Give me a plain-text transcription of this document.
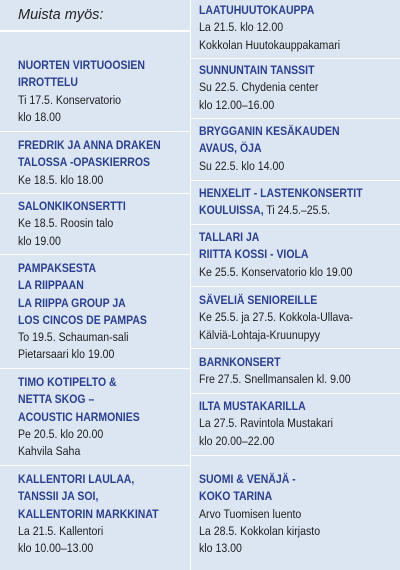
Muista myös:
NUORTEN VIRTUOOSIEN
IRROTTELU
Ti 17.5. Konservatorio
klo 18.00
FREDRIK JA ANNA DRAKEN
TALOSSA -OPASKIERROS
Ke 18.5. klo 18.00
SALONKIKONSERTTI
Ke 18.5. Roosin talo
klo 19.00
PAMPAKSESTA
LA RIIPPAAN
LA RIIPPA GROUP JA
LOS CINCOS DE PAMPAS
To 19.5. Schauman-sali
Pietarsaari klo 19.00
TIMO KOTIPELTO &
NETTA SKOG –
ACOUSTIC HARMONIES
Pe 20.5. klo 20.00
Kahvila Saha
KALLENTORI LAULAA,
TANSSII JA SOI,
KALLENTORIN MARKKINAT
La 21.5. Kallentori
klo 10.00–13.00
LAATUHUUTOKAUPPA
La 21.5. klo 12.00
Kokkolan Huutokauppakamari
SUNNUNTAIN TANSSIT
Su 22.5. Chydenia center
klo 12.00–16.00
BRYGGANIN KESÄKAUDEN
AVAUS, ÖJA
Su 22.5. klo 14.00
HENXELIT - LASTENKONSERTIT
KOULUISSA, Ti 24.5.–25.5.
TALLARI JA
RIITTA KOSSI - VIOLA
Ke 25.5. Konservatorio klo 19.00
SÄVELIÄ SENIOREILLE
Ke 25.5. ja 27.5. Kokkola-Ullava-
Kälviä-Lohtaja-Kruunupyy
BARNKONSERT
Fre 27.5. Snellmansalen kl. 9.00
ILTA MUSTAKARILLA
La 27.5. Ravintola Mustakari
klo 20.00–22.00
SUOMI & VENÄJÄ -
KOKO TARINA
Arvo Tuomisen luento
La 28.5. Kokkolan kirjasto
klo 13.00
